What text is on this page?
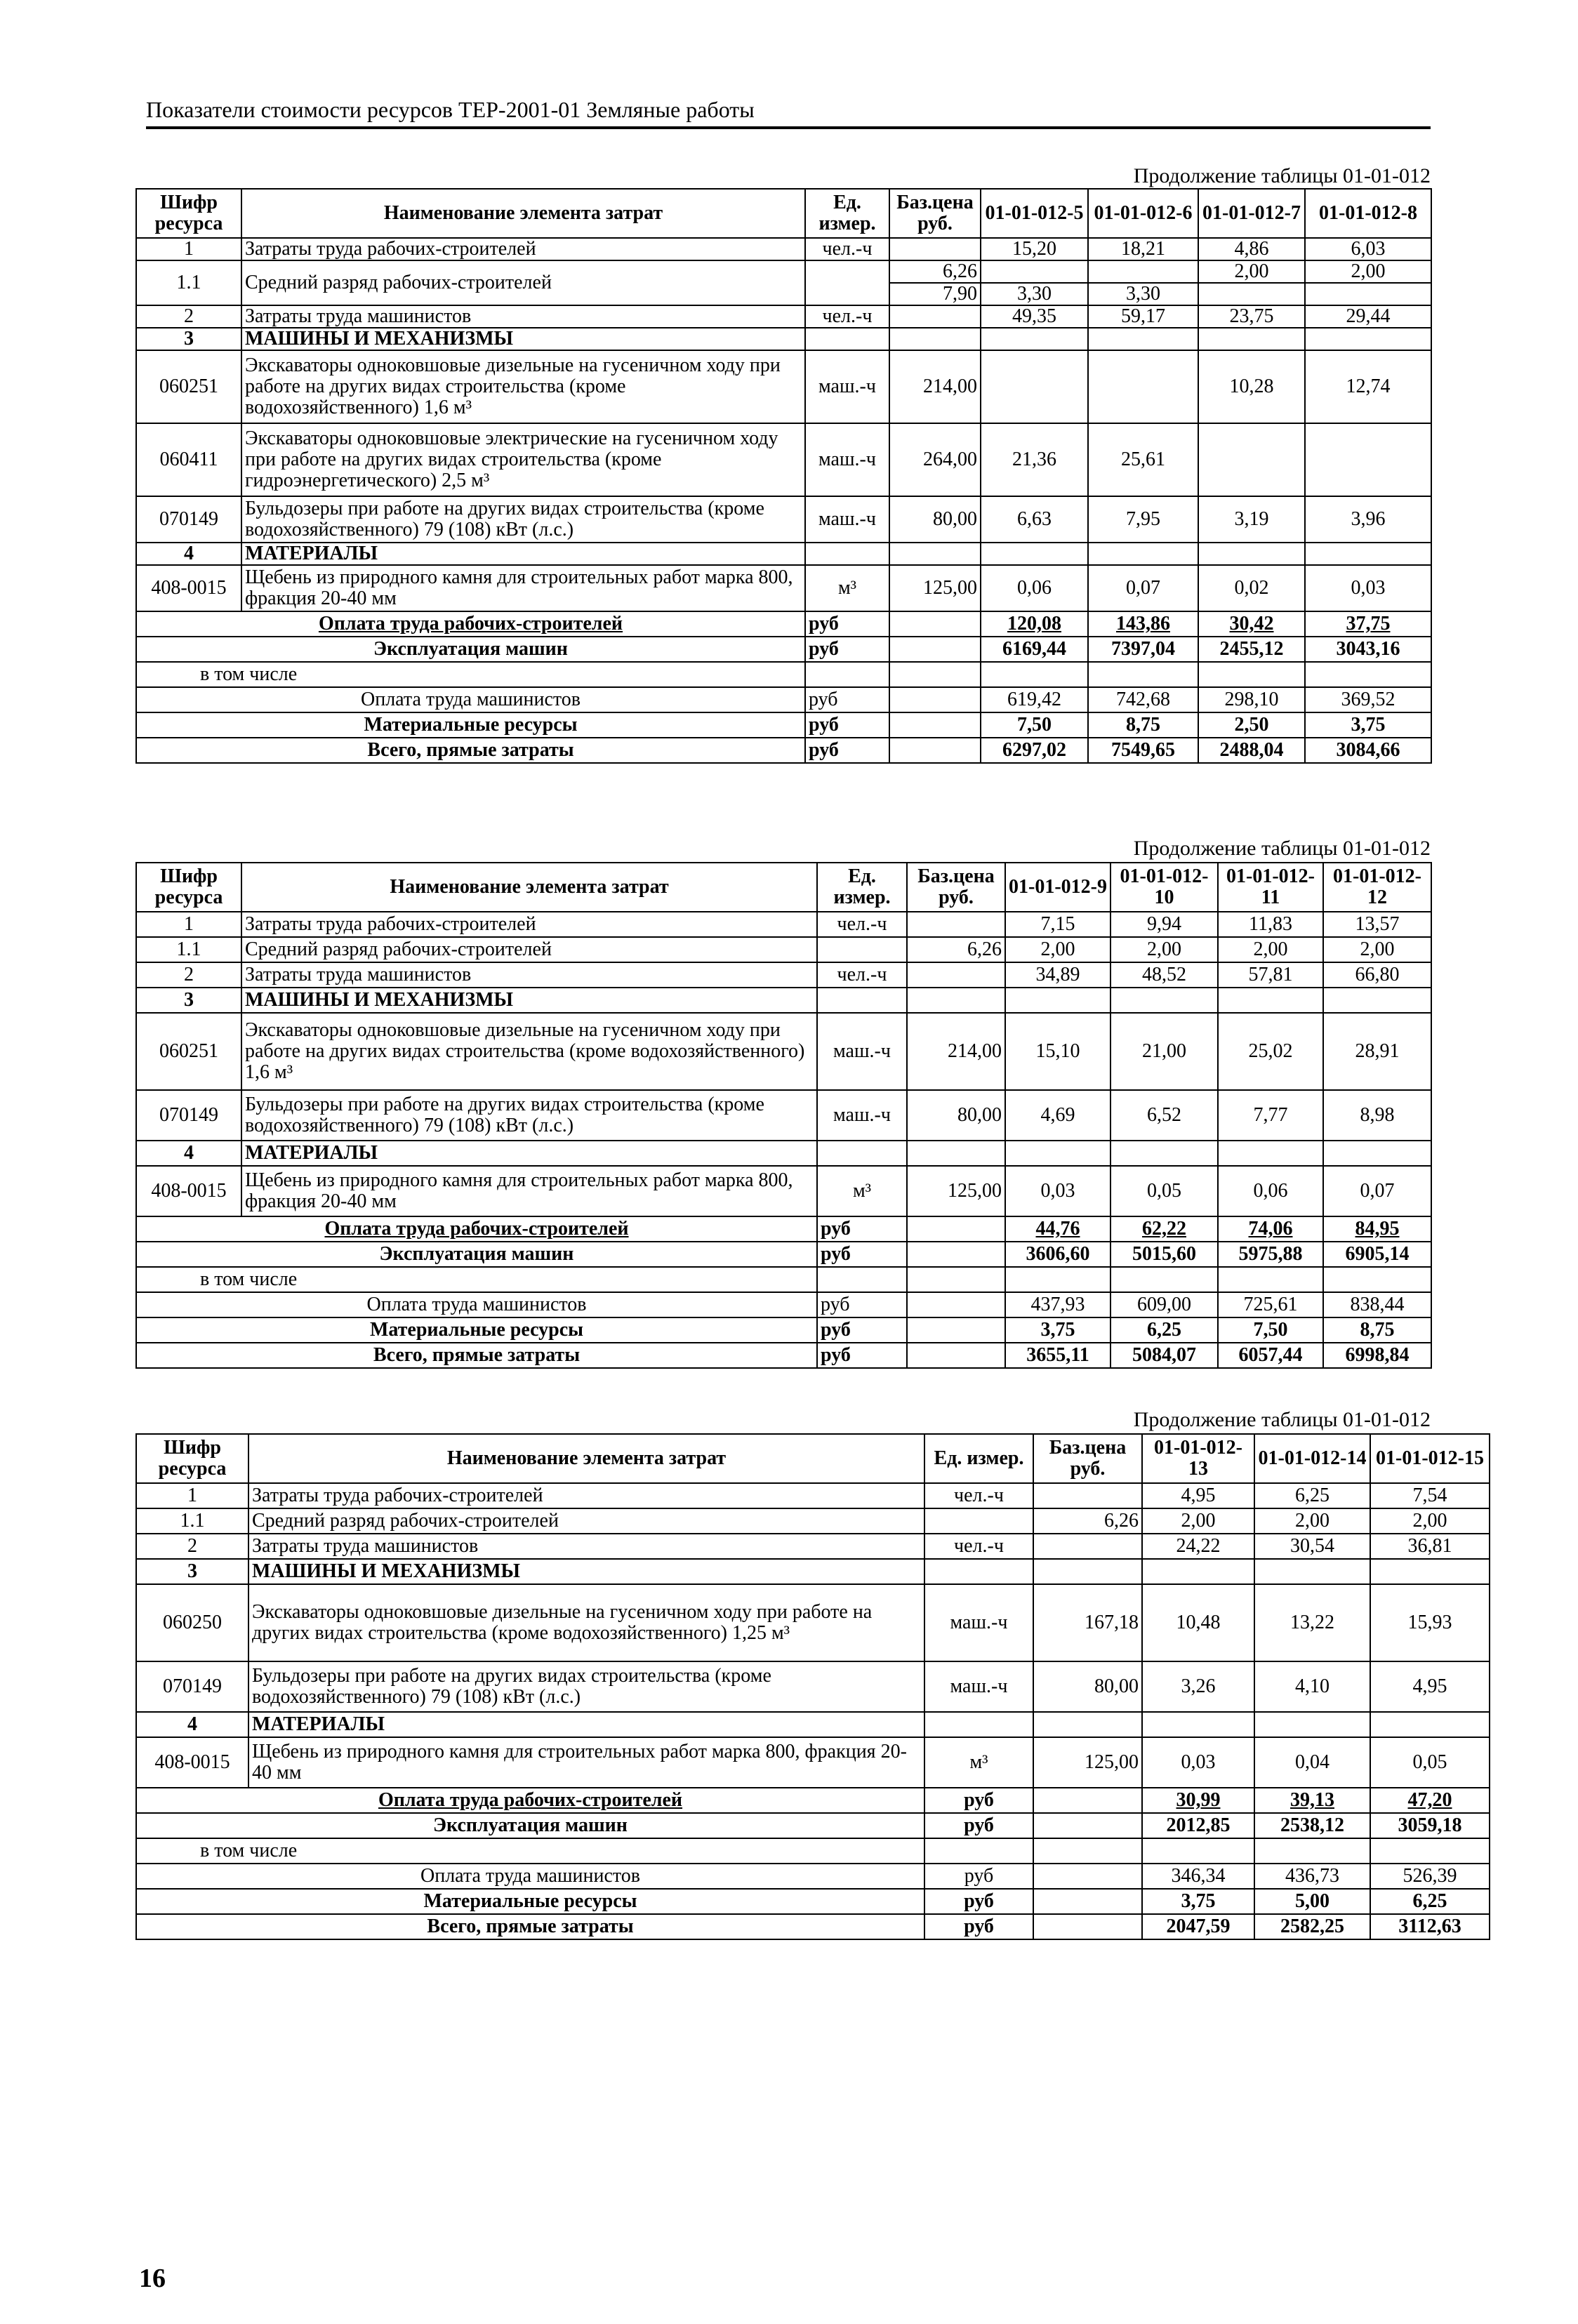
Показатели стоимости ресурсов ТЕР-2001-01 Земляные работы
Продолжение таблицы 01-01-012
Шифр ресурса	Наименование элемента затрат	Ед. измер.	Баз.цена руб.	01-01-012-5	01-01-012-6	01-01-012-7	01-01-012-8
1	Затраты труда рабочих-строителей	чел.-ч		15,20	18,21	4,86	6,03
1.1	Средний разряд рабочих-строителей		6,26			2,00	2,00
			7,90	3,30	3,30		
2	Затраты труда машинистов	чел.-ч		49,35	59,17	23,75	29,44
3	МАШИНЫ И МЕХАНИЗМЫ						
060251	Экскаваторы одноковшовые дизельные на гусеничном ходу при работе на других видах строительства (кроме водохозяйственного) 1,6 м³	маш.-ч	214,00			10,28	12,74
060411	Экскаваторы одноковшовые электрические на гусеничном ходу при работе на других видах строительства (кроме гидроэнергетического) 2,5 м³	маш.-ч	264,00	21,36	25,61		
070149	Бульдозеры при работе на других видах строительства (кроме водохозяйственного) 79 (108) кВт (л.с.)	маш.-ч	80,00	6,63	7,95	3,19	3,96
4	МАТЕРИАЛЫ						
408-0015	Щебень из природного камня для строительных работ марка 800, фракция 20-40 мм	м³	125,00	0,06	0,07	0,02	0,03
Оплата труда рабочих-строителей		руб		120,08	143,86	30,42	37,75
Эксплуатация машин		руб		6169,44	7397,04	2455,12	3043,16
в том числе							
Оплата труда машинистов		руб		619,42	742,68	298,10	369,52
Материальные ресурсы		руб		7,50	8,75	2,50	3,75
Всего, прямые затраты		руб		6297,02	7549,65	2488,04	3084,66
Продолжение таблицы 01-01-012
Шифр ресурса	Наименование элемента затрат	Ед. измер.	Баз.цена руб.	01-01-012-9	01-01-012-10	01-01-012-11	01-01-012-12
1	Затраты труда рабочих-строителей	чел.-ч		7,15	9,94	11,83	13,57
1.1	Средний разряд рабочих-строителей		6,26	2,00	2,00	2,00	2,00
2	Затраты труда машинистов	чел.-ч		34,89	48,52	57,81	66,80
3	МАШИНЫ И МЕХАНИЗМЫ						
060251	Экскаваторы одноковшовые дизельные на гусеничном ходу при работе на других видах строительства (кроме водохозяйственного) 1,6 м³	маш.-ч	214,00	15,10	21,00	25,02	28,91
070149	Бульдозеры при работе на других видах строительства (кроме водохозяйственного) 79 (108) кВт (л.с.)	маш.-ч	80,00	4,69	6,52	7,77	8,98
4	МАТЕРИАЛЫ						
408-0015	Щебень из природного камня для строительных работ марка 800, фракция 20-40 мм	м³	125,00	0,03	0,05	0,06	0,07
Оплата труда рабочих-строителей		руб		44,76	62,22	74,06	84,95
Эксплуатация машин		руб		3606,60	5015,60	5975,88	6905,14
в том числе							
Оплата труда машинистов		руб		437,93	609,00	725,61	838,44
Материальные ресурсы		руб		3,75	6,25	7,50	8,75
Всего, прямые затраты		руб		3655,11	5084,07	6057,44	6998,84
Продолжение таблицы 01-01-012
Шифр ресурса	Наименование элемента затрат	Ед. измер.	Баз.цена руб.	01-01-012-13	01-01-012-14	01-01-012-15
1	Затраты труда рабочих-строителей	чел.-ч		4,95	6,25	7,54
1.1	Средний разряд рабочих-строителей		6,26	2,00	2,00	2,00
2	Затраты труда машинистов	чел.-ч		24,22	30,54	36,81
3	МАШИНЫ И МЕХАНИЗМЫ					
060250	Экскаваторы одноковшовые дизельные на гусеничном ходу при работе на других видах строительства (кроме водохозяйственного) 1,25 м³	маш.-ч	167,18	10,48	13,22	15,93
070149	Бульдозеры при работе на других видах строительства (кроме водохозяйственного) 79 (108) кВт (л.с.)	маш.-ч	80,00	3,26	4,10	4,95
4	МАТЕРИАЛЫ					
408-0015	Щебень из природного камня для строительных работ марка 800, фракция 20-40 мм	м³	125,00	0,03	0,04	0,05
Оплата труда рабочих-строителей		руб		30,99	39,13	47,20
Эксплуатация машин		руб		2012,85	2538,12	3059,18
в том числе						
Оплата труда машинистов		руб		346,34	436,73	526,39
Материальные ресурсы		руб		3,75	5,00	6,25
Всего, прямые затраты		руб		2047,59	2582,25	3112,63
16
